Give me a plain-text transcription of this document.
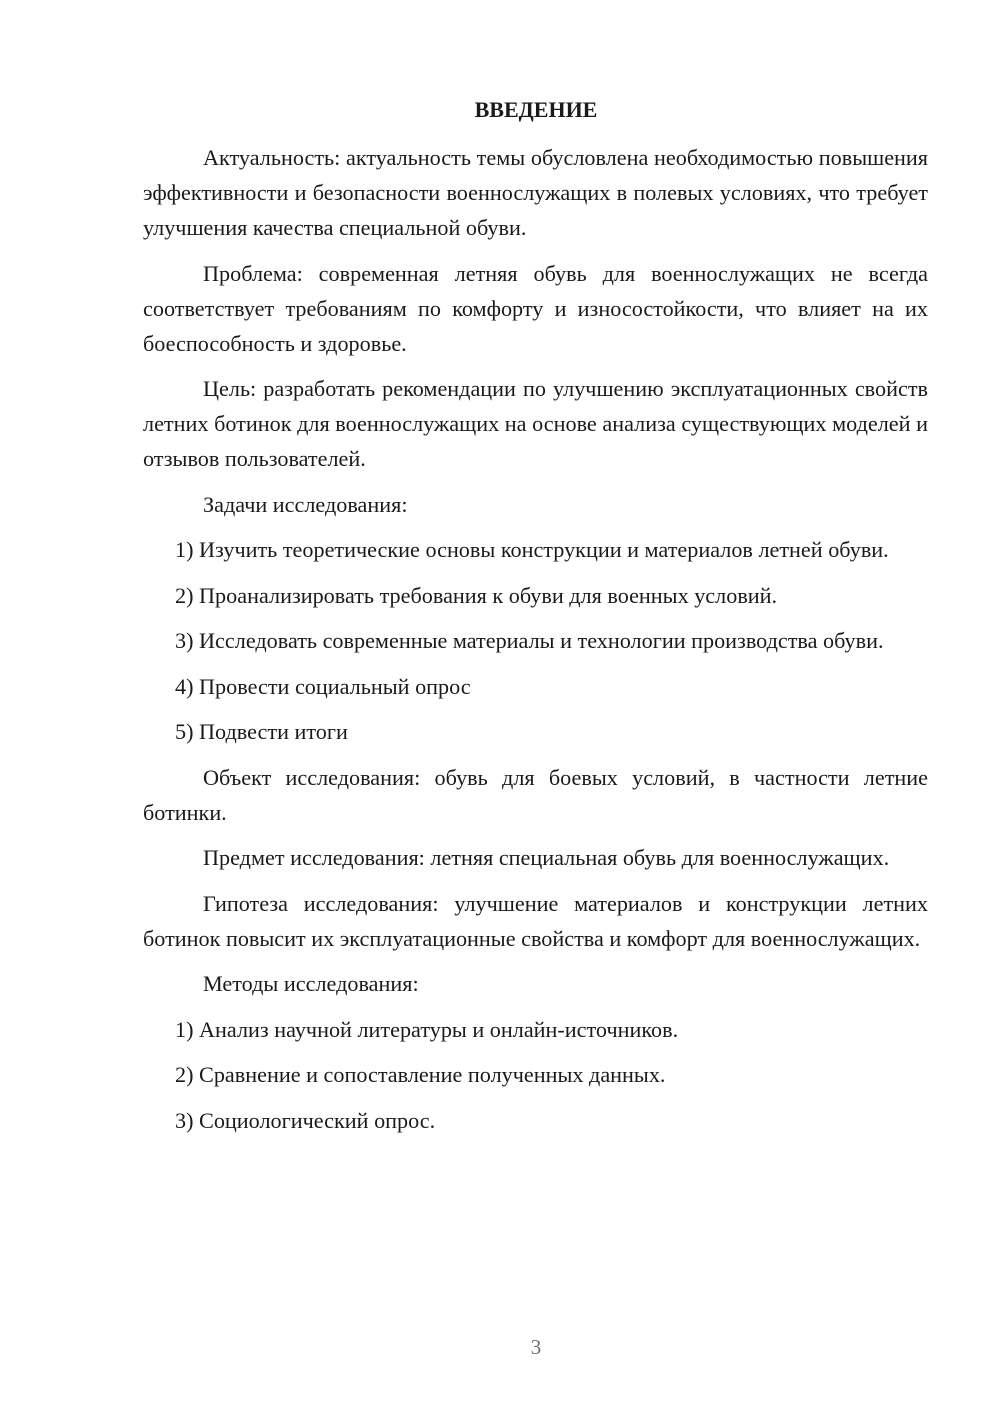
ВВЕДЕНИЕ

Актуальность: актуальность темы обусловлена необходимостью повышения эффективности и безопасности военнослужащих в полевых условиях, что требует улучшения качества специальной обуви.

Проблема: современная летняя обувь для военнослужащих не всегда соответствует требованиям по комфорту и износостойкости, что влияет на их боеспособность и здоровье.

Цель: разработать рекомендации по улучшению эксплуатационных свойств летних ботинок для военнослужащих на основе анализа существующих моделей и отзывов пользователей.

Задачи исследования:

1) Изучить теоретические основы конструкции и материалов летней обуви.

2) Проанализировать требования к обуви для военных условий.

3) Исследовать современные материалы и технологии производства обуви.

4) Провести социальный опрос

5) Подвести итоги

Объект исследования: обувь для боевых условий, в частности летние ботинки.

Предмет исследования: летняя специальная обувь для военнослужащих.

Гипотеза исследования: улучшение материалов и конструкции летних ботинок повысит их эксплуатационные свойства и комфорт для военнослужащих.

Методы исследования:

1) Анализ научной литературы и онлайн-источников.

2) Сравнение и сопоставление полученных данных.

3) Социологический опрос.

3
